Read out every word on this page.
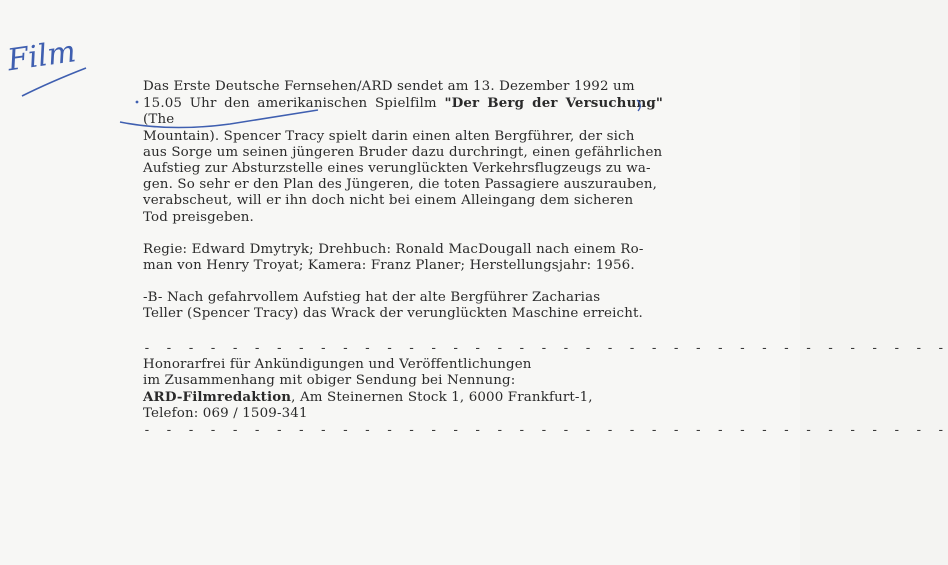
Das Erste Deutsche Fernsehen/ARD sendet am 13. Dezember 1992 um
15.05 Uhr den amerikanischen Spielfilm "Der Berg der Versuchung" (The
Mountain). Spencer Tracy spielt darin einen alten Bergführer, der sich
aus Sorge um seinen jüngeren Bruder dazu durchringt, einen gefährlichen
Aufstieg zur Absturzstelle eines verunglückten Verkehrsflugzeugs zu wa-
gen. So sehr er den Plan des Jüngeren, die toten Passagiere auszurauben,
verabscheut, will er ihn doch nicht bei einem Alleingang dem sicheren
Tod preisgeben.

Regie: Edward Dmytryk; Drehbuch: Ronald MacDougall nach einem Ro-
man von Henry Troyat; Kamera: Franz Planer; Herstellungsjahr: 1956.

-B- Nach gefahrvollem Aufstieg hat der alte Bergführer Zacharias
Teller (Spencer Tracy) das Wrack der verunglückten Maschine erreicht.

- - - - - - - - - - - - - - - - - - - - - - - - - - - - - - - - - - - - -

Honorarfrei für Ankündigungen und Veröffentlichungen

im Zusammenhang mit obiger Sendung bei Nennung:

ARD-Filmredaktion, Am Steinernen Stock 1, 6000 Frankfurt-1,

Telefon: 069 / 1509-341

- - - - - - - - - - - - - - - - - - - - - - - - - - - - - - - - - - - - -
Film
